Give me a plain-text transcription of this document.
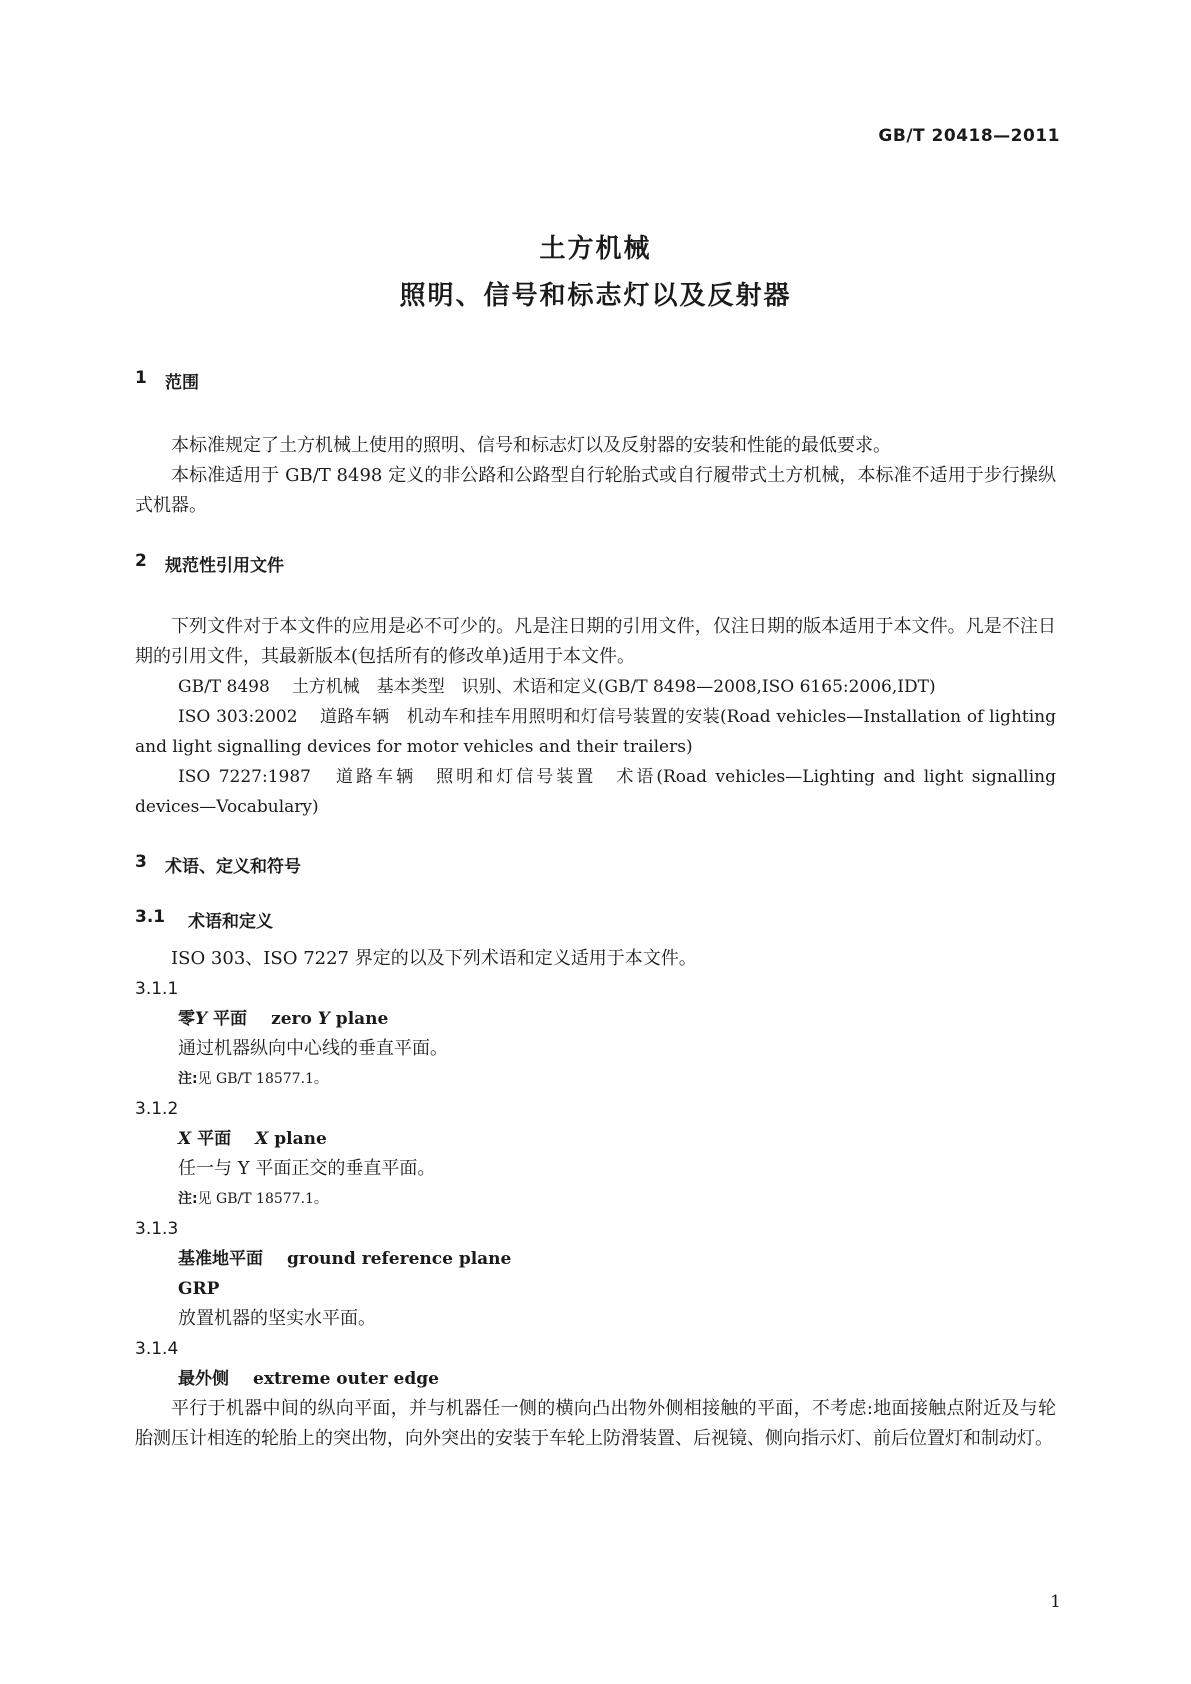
GB/T 20418—2011
土方机械
照明、信号和标志灯以及反射器
1	范围

本标准规定了土方机械上使用的照明、信号和标志灯以及反射器的安装和性能的最低要求。

本标准适用于 GB/T 8498 定义的非公路和公路型自行轮胎式或自行履带式土方机械，本标准不适用于步行操纵式机器。

2	规范性引用文件

下列文件对于本文件的应用是必不可少的。凡是注日期的引用文件，仅注日期的版本适用于本文件。凡是不注日期的引用文件，其最新版本(包括所有的修改单)适用于本文件。

GB/T 8498 土方机械　基本类型　识别、术语和定义(GB/T 8498—2008,ISO 6165:2006,IDT)

ISO 303:2002 道路车辆　机动车和挂车用照明和灯信号装置的安装(Road vehicles—Installation of lighting and light signalling devices for motor vehicles and their trailers)

ISO 7227:1987 道路车辆　照明和灯信号装置　术语(Road vehicles—Lighting and light signalling devices—Vocabulary)

3	术语、定义和符号
3.1	术语和定义

ISO 303、ISO 7227 界定的以及下列术语和定义适用于本文件。

3.1.1

零Y 平面 zero Y plane

通过机器纵向中心线的垂直平面。

注:见 GB/T 18577.1。

3.1.2

X 平面 X plane

任一与 Y 平面正交的垂直平面。

注:见 GB/T 18577.1。

3.1.3

基准地平面 ground reference plane

GRP

放置机器的坚实水平面。

3.1.4

最外侧 extreme outer edge

平行于机器中间的纵向平面，并与机器任一侧的横向凸出物外侧相接触的平面，不考虑:地面接触点附近及与轮胎测压计相连的轮胎上的突出物，向外突出的安装于车轮上防滑装置、后视镜、侧向指示灯、前后位置灯和制动灯。

1
